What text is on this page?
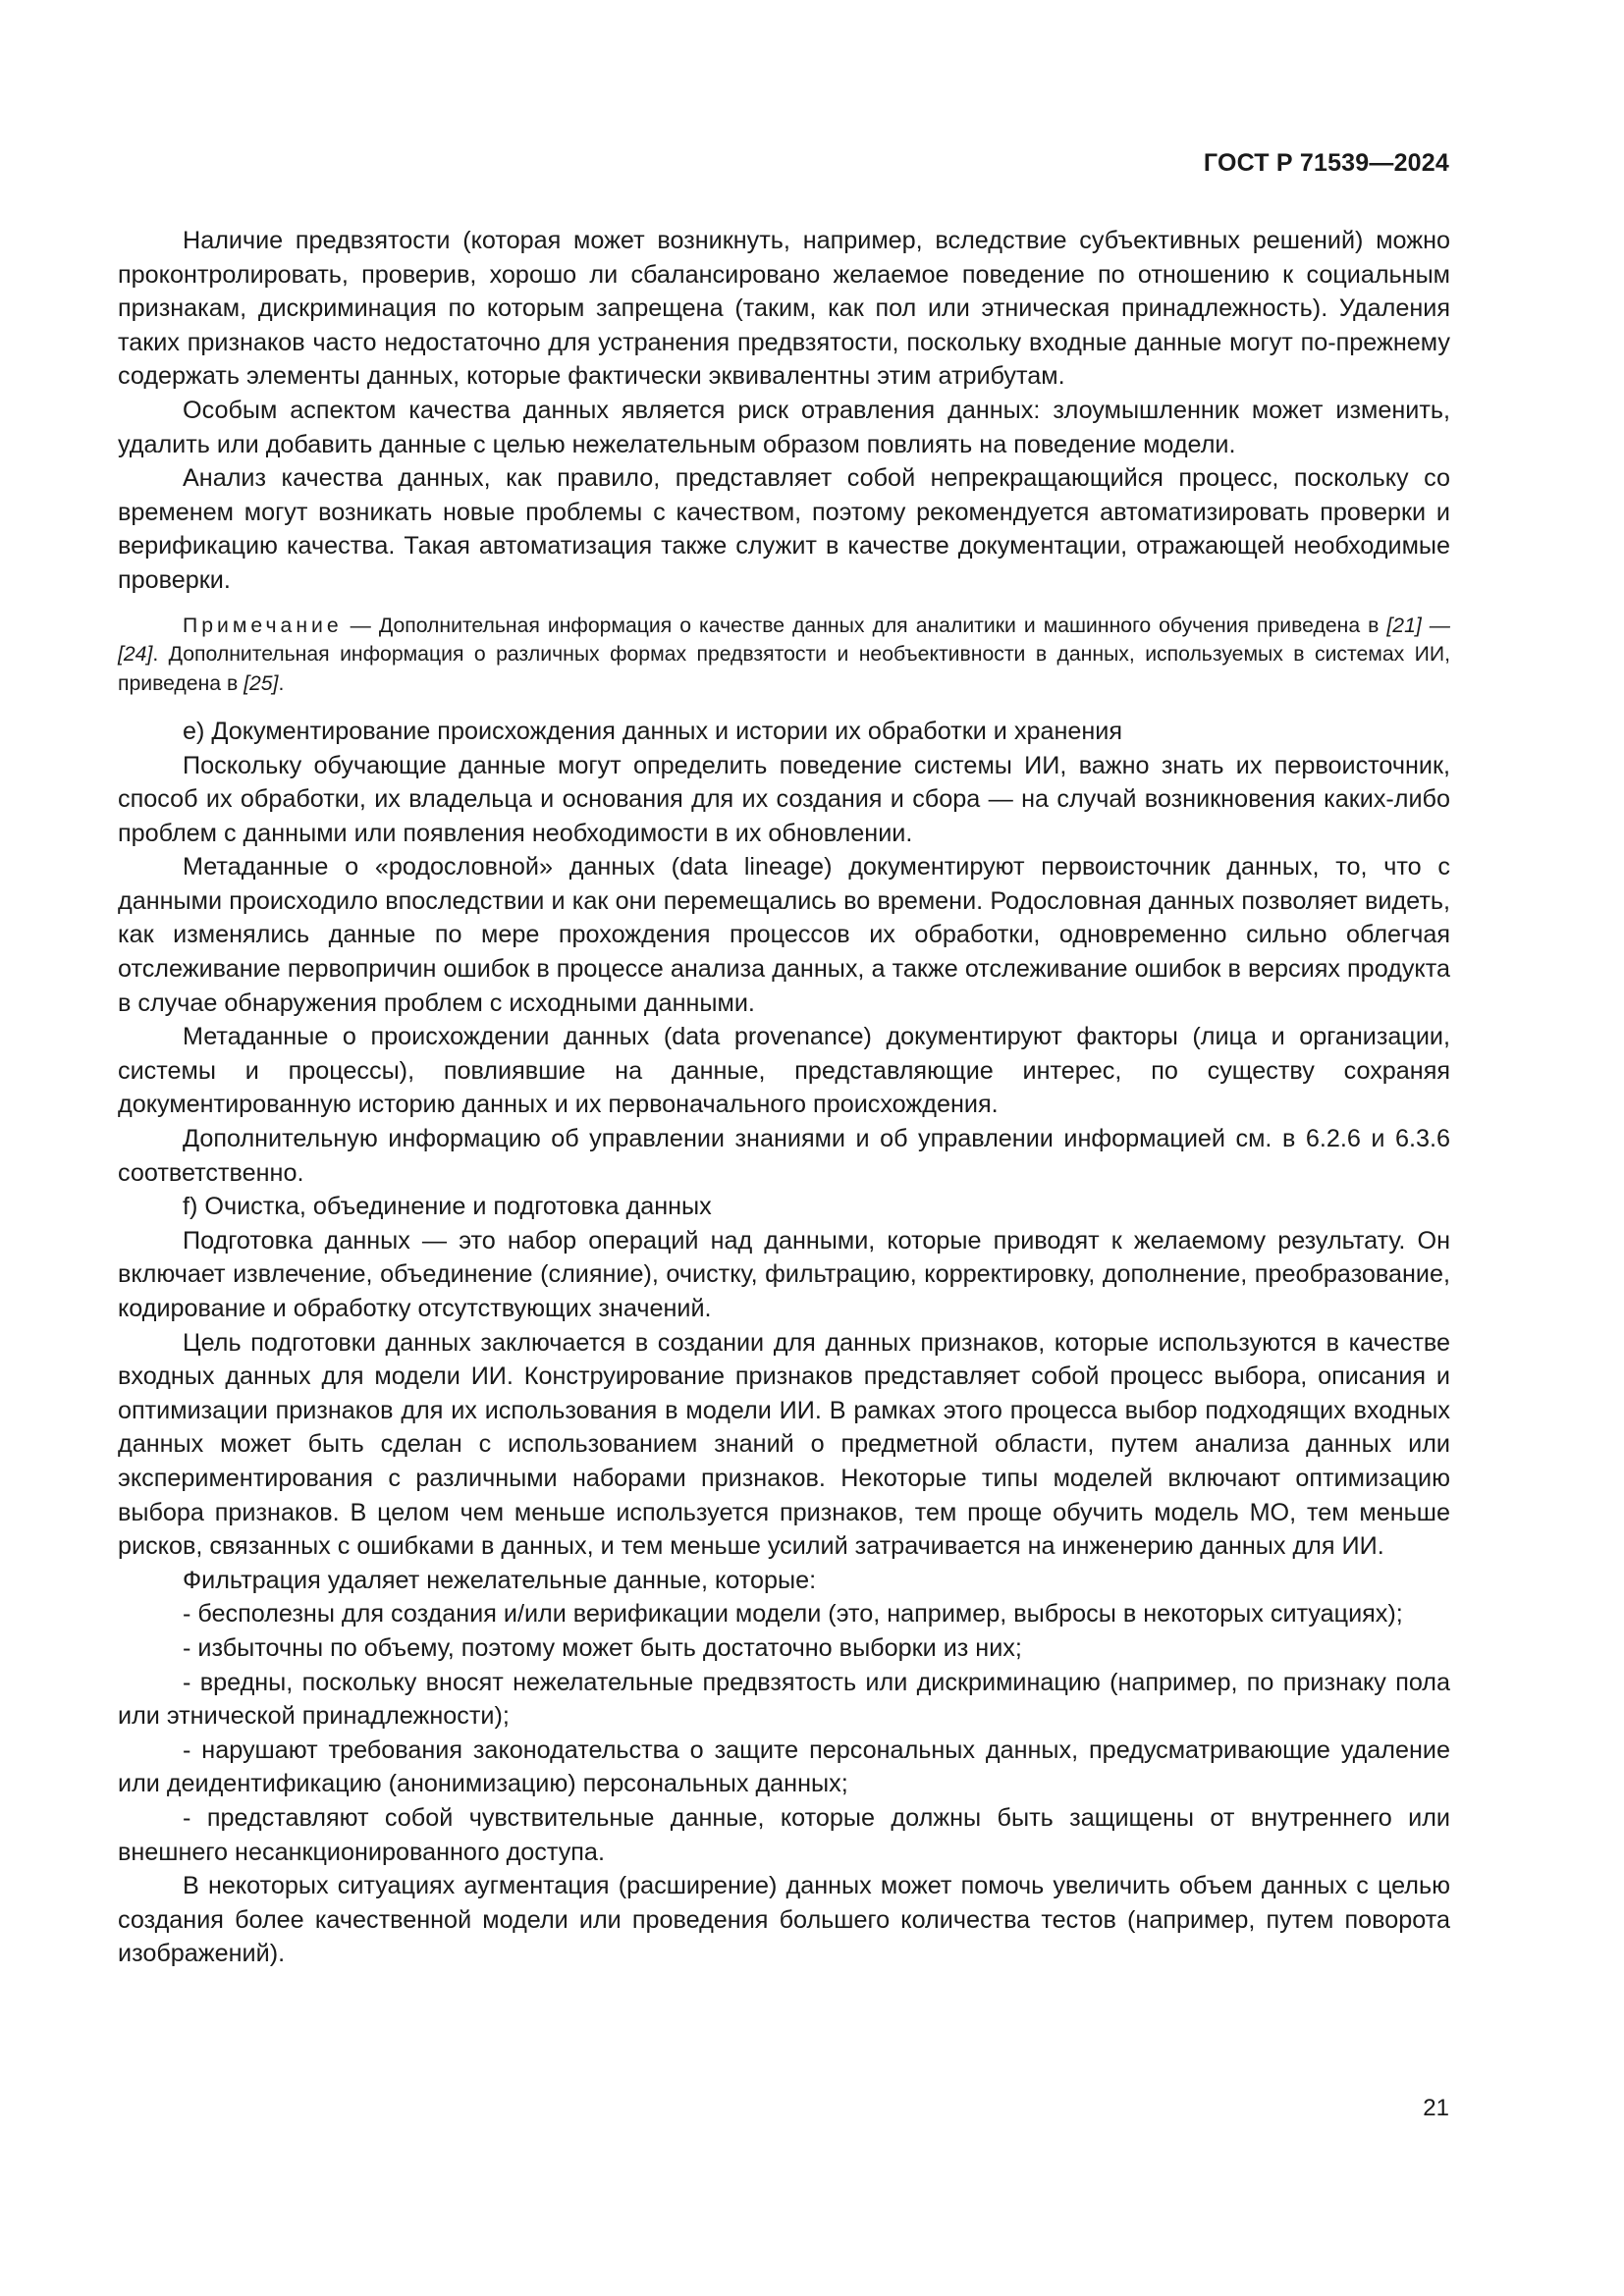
ГОСТ Р 71539—2024

Наличие предвзятости (которая может возникнуть, например, вследствие субъективных решений) можно проконтролировать, проверив, хорошо ли сбалансировано желаемое поведение по отношению к социальным признакам, дискриминация по которым запрещена (таким, как пол или этническая принадлежность). Удаления таких признаков часто недостаточно для устранения предвзятости, поскольку входные данные могут по-прежнему содержать элементы данных, которые фактически эквивалентны этим атрибутам.

Особым аспектом качества данных является риск отравления данных: злоумышленник может изменить, удалить или добавить данные с целью нежелательным образом повлиять на поведение модели.

Анализ качества данных, как правило, представляет собой непрекращающийся процесс, поскольку со временем могут возникать новые проблемы с качеством, поэтому рекомендуется автоматизировать проверки и верификацию качества. Такая автоматизация также служит в качестве документации, отражающей необходимые проверки.

Примечание — Дополнительная информация о качестве данных для аналитики и машинного обучения приведена в [21] — [24]. Дополнительная информация о различных формах предвзятости и необъективности в данных, используемых в системах ИИ, приведена в [25].

е) Документирование происхождения данных и истории их обработки и хранения

Поскольку обучающие данные могут определить поведение системы ИИ, важно знать их первоисточник, способ их обработки, их владельца и основания для их создания и сбора — на случай возникновения каких-либо проблем с данными или появления необходимости в их обновлении.

Метаданные о «родословной» данных (data lineage) документируют первоисточник данных, то, что с данными происходило впоследствии и как они перемещались во времени. Родословная данных позволяет видеть, как изменялись данные по мере прохождения процессов их обработки, одновременно сильно облегчая отслеживание первопричин ошибок в процессе анализа данных, а также отслеживание ошибок в версиях продукта в случае обнаружения проблем с исходными данными.

Метаданные о происхождении данных (data provenance) документируют факторы (лица и организации, системы и процессы), повлиявшие на данные, представляющие интерес, по существу сохраняя документированную историю данных и их первоначального происхождения.

Дополнительную информацию об управлении знаниями и об управлении информацией см. в 6.2.6 и 6.3.6 соответственно.

f) Очистка, объединение и подготовка данных

Подготовка данных — это набор операций над данными, которые приводят к желаемому результату. Он включает извлечение, объединение (слияние), очистку, фильтрацию, корректировку, дополнение, преобразование, кодирование и обработку отсутствующих значений.

Цель подготовки данных заключается в создании для данных признаков, которые используются в качестве входных данных для модели ИИ. Конструирование признаков представляет собой процесс выбора, описания и оптимизации признаков для их использования в модели ИИ. В рамках этого процесса выбор подходящих входных данных может быть сделан с использованием знаний о предметной области, путем анализа данных или экспериментирования с различными наборами признаков. Некоторые типы моделей включают оптимизацию выбора признаков. В целом чем меньше используется признаков, тем проще обучить модель МО, тем меньше рисков, связанных с ошибками в данных, и тем меньше усилий затрачивается на инженерию данных для ИИ.

Фильтрация удаляет нежелательные данные, которые:

- бесполезны для создания и/или верификации модели (это, например, выбросы в некоторых ситуациях);

- избыточны по объему, поэтому может быть достаточно выборки из них;

- вредны, поскольку вносят нежелательные предвзятость или дискриминацию (например, по признаку пола или этнической принадлежности);

- нарушают требования законодательства о защите персональных данных, предусматривающие удаление или деидентификацию (анонимизацию) персональных данных;

- представляют собой чувствительные данные, которые должны быть защищены от внутреннего или внешнего несанкционированного доступа.

В некоторых ситуациях аугментация (расширение) данных может помочь увеличить объем данных с целью создания более качественной модели или проведения большего количества тестов (например, путем поворота изображений).

21
